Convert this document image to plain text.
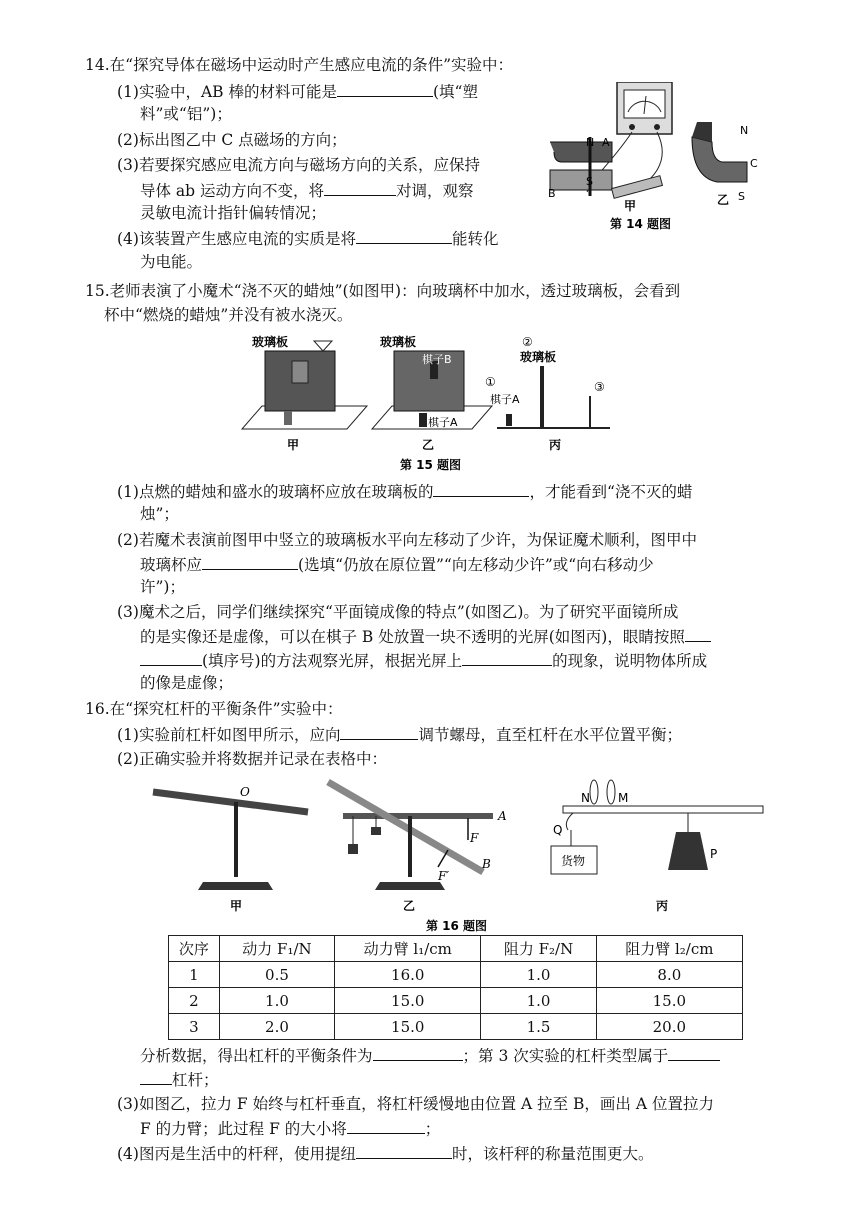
14.在“探究导体在磁场中运动时产生感应电流的条件”实验中：
(1)实验中，AB 棒的材料可能是	(填“塑
料”或“铝”)；
(2)标出图乙中 C 点磁场的方向；
(3)若要探究感应电流方向与磁场方向的关系，应保持
导体 ab 运动方向不变，将	对调，观察
灵敏电流计指针偏转情况；
(4)该装置产生感应电流的实质是将	能转化
为电能。
N A
S
B
甲
第 14 题图
N
C
S
乙
15.老师表演了小魔术“浇不灭的蜡烛”(如图甲)：向玻璃杯中加水，透过玻璃板，会看到
杯中“燃烧的蜡烛”并没有被水浇灭。
玻璃板
甲
玻璃板
棋子B
棋子A
乙
②
玻璃板
①
棋子A
③
丙
第 15 题图
(1)点燃的蜡烛和盛水的玻璃杯应放在玻璃板的	，才能看到“浇不灭的蜡
烛”；
(2)若魔术表演前图甲中竖立的玻璃板水平向左移动了少许，为保证魔术顺利，图甲中
玻璃杯应	(选填“仍放在原位置”“向左移动少许”或“向右移动少
许”)；
(3)魔术之后，同学们继续探究“平面镜成像的特点”(如图乙)。为了研究平面镜所成
的是实像还是虚像，可以在棋子 B 处放置一块不透明的光屏(如图丙)，眼睛按照
(填序号)的方法观察光屏，根据光屏上	的现象，说明物体所成
的像是虚像；
16.在“探究杠杆的平衡条件”实验中：
(1)实验前杠杆如图甲所示，应向	调节螺母，直至杠杆在水平位置平衡；
(2)正确实验并将数据并记录在表格中：
O
甲
A
F
F′
B
乙
N M
Q
P
货物
丙
第 16 题图
次序	动力 F₁/N	动力臂 l₁/cm	阻力 F₂/N	阻力臂 l₂/cm
1	0.5	16.0	1.0	8.0
2	1.0	15.0	1.0	15.0
3	2.0	15.0	1.5	20.0
分析数据，得出杠杆的平衡条件为	；第 3 次实验的杠杆类型属于
杠杆；
(3)如图乙，拉力 F 始终与杠杆垂直，将杠杆缓慢地由位置 A 拉至 B，画出 A 位置拉力
F 的力臂；此过程 F 的大小将	；
(4)图丙是生活中的杆秤，使用提纽	时，该杆秤的称量范围更大。
